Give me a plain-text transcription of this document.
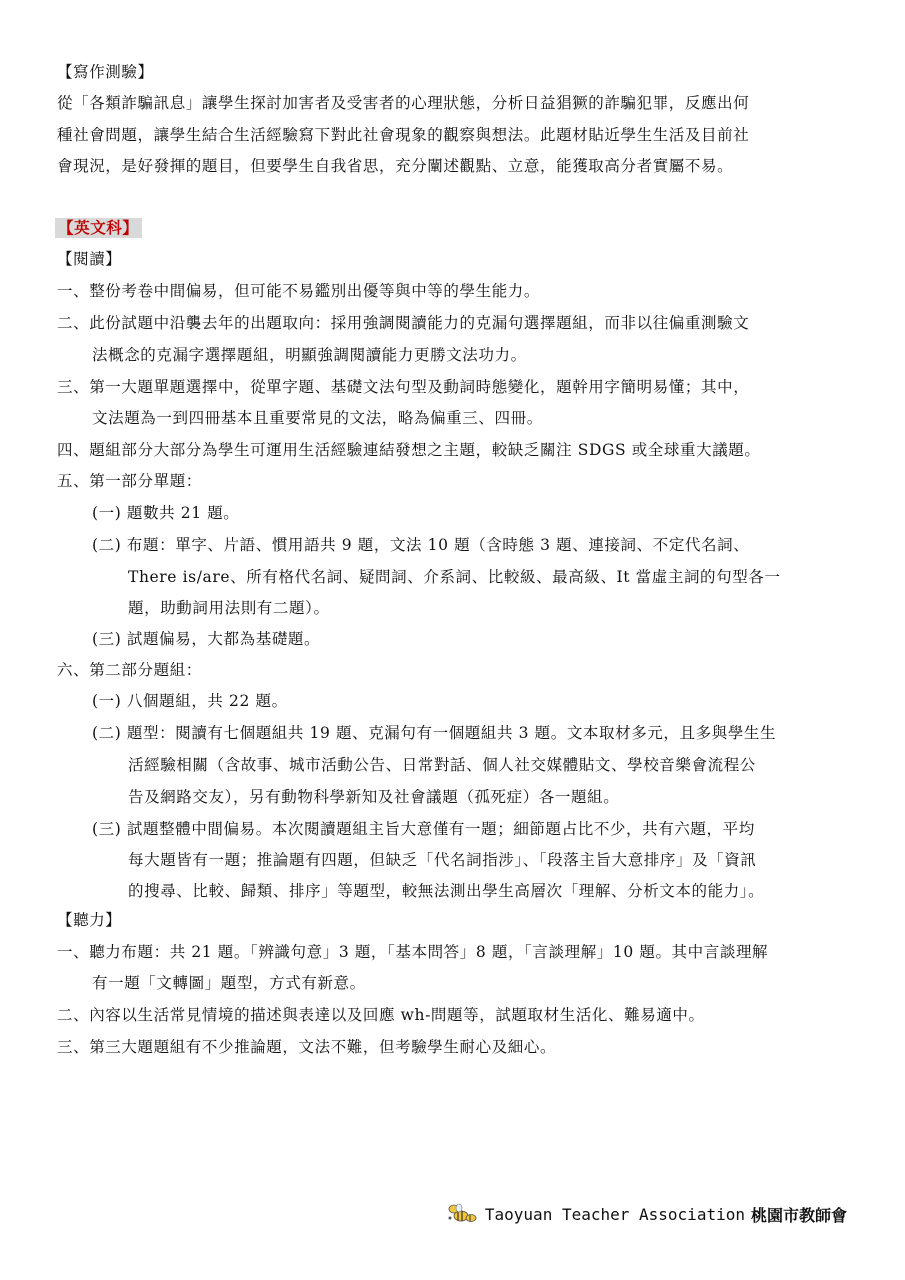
【寫作測驗】
從「各類詐騙訊息」讓學生探討加害者及受害者的心理狀態，分析日益猖獗的詐騙犯罪，反應出何
種社會問題，讓學生結合生活經驗寫下對此社會現象的觀察與想法。此題材貼近學生生活及目前社
會現況，是好發揮的題目，但要學生自我省思，充分闡述觀點、立意，能獲取高分者實屬不易。
【英文科】
【閱讀】
一、整份考卷中間偏易，但可能不易鑑別出優等與中等的學生能力。
二、此份試題中沿襲去年的出題取向：採用強調閱讀能力的克漏句選擇題組，而非以往偏重測驗文
法概念的克漏字選擇題組，明顯強調閱讀能力更勝文法功力。
三、第一大題單題選擇中，從單字題、基礎文法句型及動詞時態變化，題幹用字簡明易懂；其中，
文法題為一到四冊基本且重要常見的文法，略為偏重三、四冊。
四、題組部分大部分為學生可運用生活經驗連結發想之主題，較缺乏關注 SDGS 或全球重大議題。
五、第一部分單題：
(一) 題數共 21 題。
(二) 布題：單字、片語、慣用語共 9 題，文法 10 題（含時態 3 題、連接詞、不定代名詞、
There is/are、所有格代名詞、疑問詞、介系詞、比較級、最高級、It 當虛主詞的句型各一
題，助動詞用法則有二題）。
(三) 試題偏易，大都為基礎題。
六、第二部分題組：
(一) 八個題組，共 22 題。
(二) 題型：閱讀有七個題組共 19 題、克漏句有一個題組共 3 題。文本取材多元，且多與學生生
活經驗相關（含故事、城市活動公告、日常對話、個人社交媒體貼文、學校音樂會流程公
告及網路交友），另有動物科學新知及社會議題（孤死症）各一題組。
(三) 試題整體中間偏易。本次閱讀題組主旨大意僅有一題；細節題占比不少，共有六題，平均
每大題皆有一題；推論題有四題，但缺乏「代名詞指涉」、「段落主旨大意排序」及「資訊
的搜尋、比較、歸類、排序」等題型，較無法測出學生高層次「理解、分析文本的能力」。
【聽力】
一、聽力布題：共 21 題。「辨識句意」3 題，「基本問答」8 題，「言談理解」10 題。其中言談理解
有一題「文轉圖」題型，方式有新意。
二、內容以生活常見情境的描述與表達以及回應 wh-問題等，試題取材生活化、難易適中。
三、第三大題題組有不少推論題，文法不難，但考驗學生耐心及細心。
Taoyuan Teacher Association 桃園市教師會
